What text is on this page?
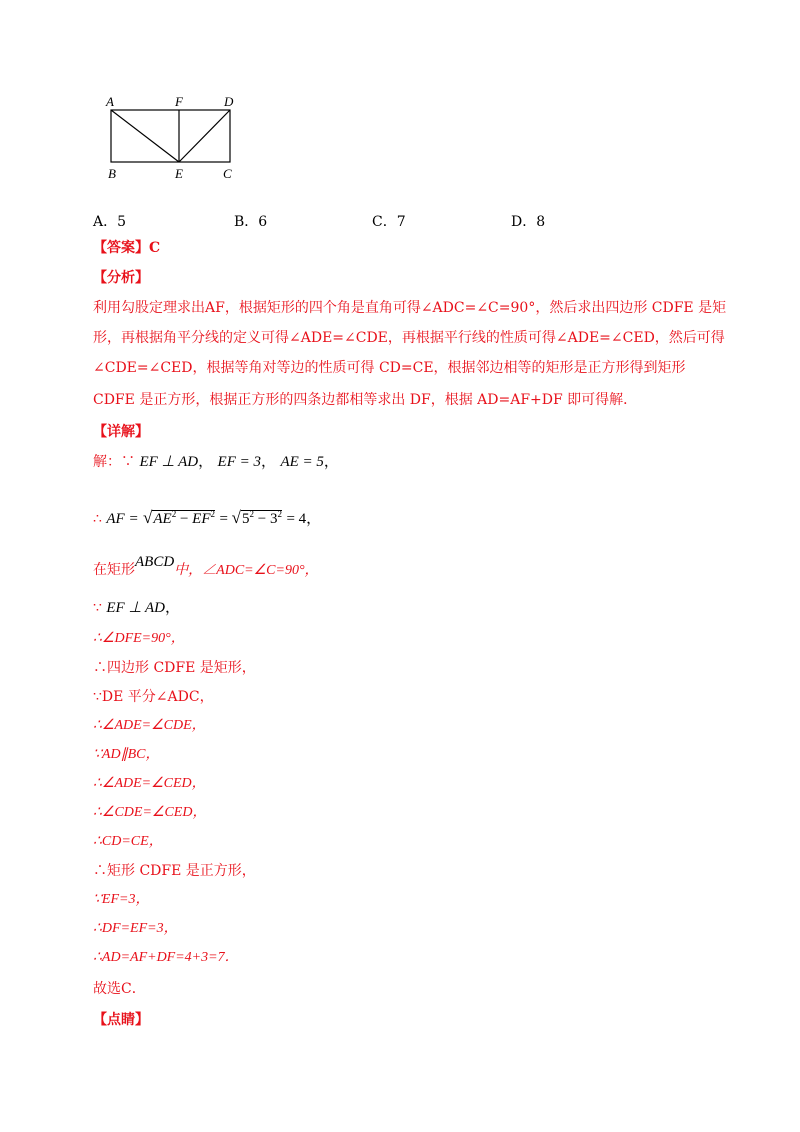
A	F	D
B	E	C
A．5	B．6	C．7	D．8
【答案】C
【分析】
利用勾股定理求出AF，根据矩形的四个角是直角可得∠ADC=∠C=90°，然后求出四边形 CDFE 是矩
形，再根据角平分线的定义可得∠ADE=∠CDE，再根据平行线的性质可得∠ADE=∠CED，然后可得
∠CDE=∠CED，根据等角对等边的性质可得 CD=CE，根据邻边相等的矩形是正方形得到矩形
CDFE 是正方形，根据正方形的四条边都相等求出 DF，根据 AD=AF+DF 即可得解．
【详解】
解：∵ EF ⊥ AD， EF = 3， AE = 5，
∴ AF = $√AE^2 - EF^2 = √5^2 - 3^2 = 4$，
在矩形ABCD中，∠ADC=∠C=90°，
∵ EF ⊥ AD，
∴∠DFE=90°，
∴四边形 CDFE 是矩形，
∵DE 平分∠ADC，
∴∠ADE=∠CDE，
∵AD∥BC，
∴∠ADE=∠CED，
∴∠CDE=∠CED，
∴CD=CE，
∴矩形 CDFE 是正方形，
∵EF=3，
∴DF=EF=3，
∴AD=AF+DF=4+3=7．
故选C．
【点睛】
